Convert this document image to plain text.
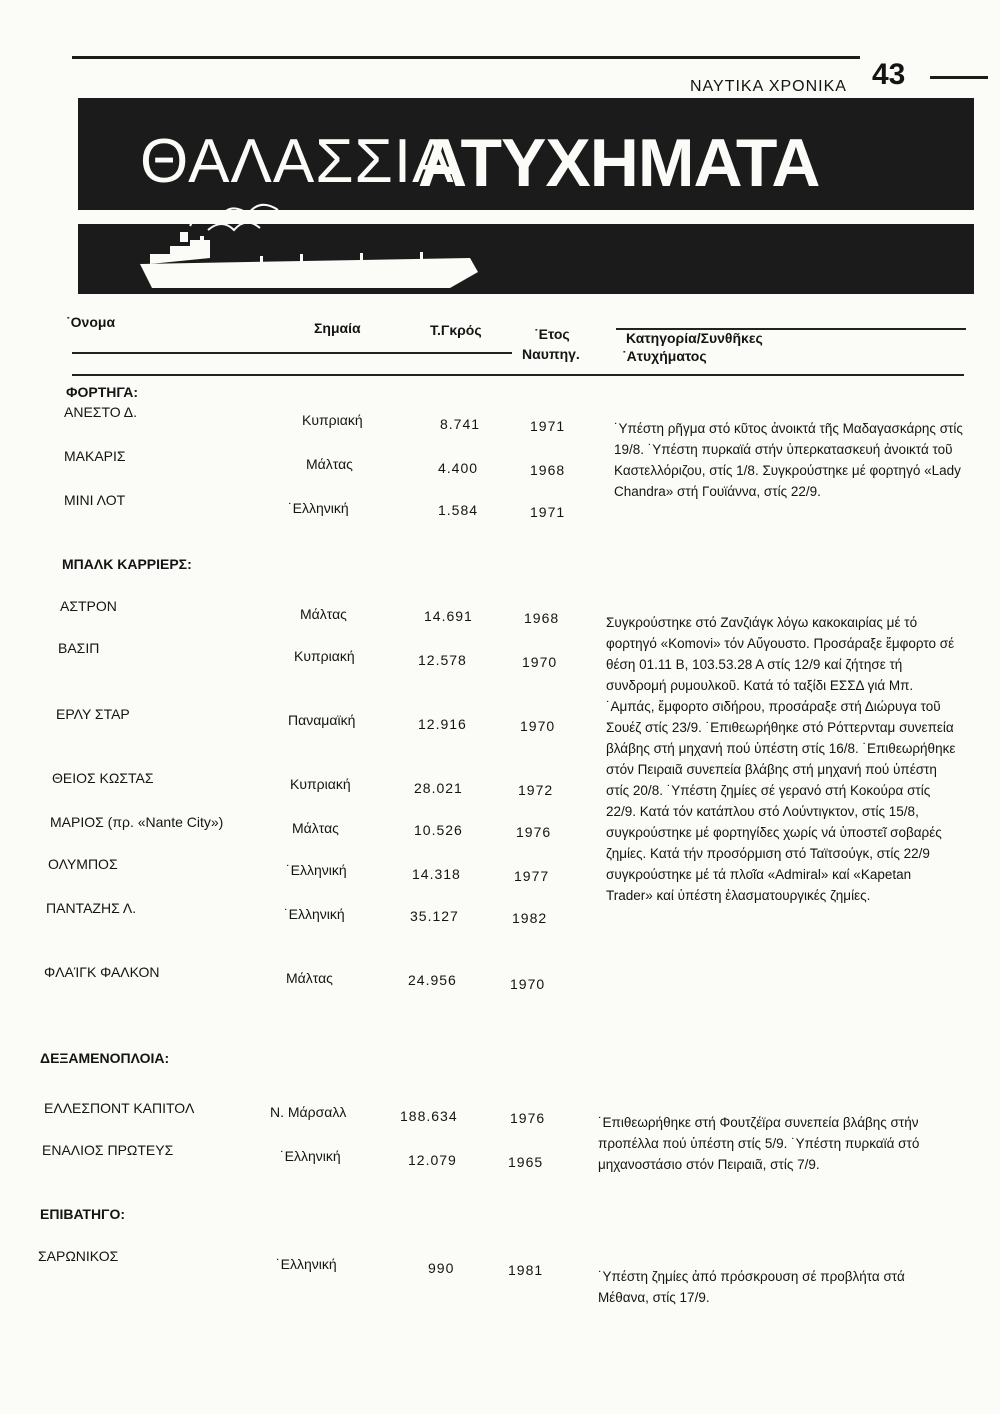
ΝΑΥΤΙΚΑ ΧΡΟΝΙΚΑ 43
ΘΑΛΑΣΣΙΑ
ΑΤΥΧΗΜΑΤΑ
˙Ονομα	Σημαία	Τ.Γκρός	˙Ετος
Ναυπηγ.
Κατηγορία/Συνθῆκες
˙Ατυχήματος
ΦΟΡΤΗΓΑ:
ΑΝΕΣΤΟ Δ.	Κυπριακή	8.741	1971
ΜΑΚΑΡΙΣ	Μάλτας	4.400	1968
ΜΙΝΙ ΛΟΤ	˙Ελληνική	1.584	1971
˙Υπέστη ρῆγμα στό κῦτος ἀνοικτά τῆς Μαδαγασκάρης στίς 19/8. ˙Υπέστη πυρκαϊά στήν ὑπερκατασκευή ἀνοικτά τοῦ Καστελλόριζου, στίς 1/8. Συγκρούστηκε μέ φορτηγό «Lady Chandra» στή Γουϊάννα, στίς 22/9.
ΜΠΑΛΚ ΚΑΡΡΙΕΡΣ:
ΑΣΤΡΟΝ	Μάλτας	14.691	1968
ΒΑΣΙΠ	Κυπριακή	12.578	1970
ΕΡΛΥ ΣΤΑΡ	Παναμαϊκή	12.916	1970
ΘΕΙΟΣ ΚΩΣΤΑΣ	Κυπριακή	28.021	1972
ΜΑΡΙΟΣ (πρ. «Nante City»)	Μάλτας	10.526	1976
ΟΛΥΜΠΟΣ	˙Ελληνική	14.318	1977
ΠΑΝΤΑΖΗΣ Λ.	˙Ελληνική	35.127	1982
ΦΛΑΊΓΚ ΦΑΛΚΟΝ	Μάλτας	24.956	1970
Συγκρούστηκε στό Ζανζιάγκ λόγω κακοκαιρίας μέ τό φορτηγό «Komovi» τόν Αὔγουστο. Προσάραξε ἔμφορτο σέ θέση 01.11 Β, 103.53.28 Α στίς 12/9 καί ζήτησε τή συνδρομή ρυμουλκοῦ. Κατά τό ταξίδι ΕΣΣΔ γιά Μπ. ˙Αμπάς, ἔμφορτο σιδήρου, προσάραξε στή Διώρυγα τοῦ Σουέζ στίς 23/9. ˙Επιθεωρήθηκε στό Ρόττερνταμ συνεπεία βλάβης στή μηχανή πού ὑπέστη στίς 16/8. ˙Επιθεωρήθηκε στόν Πειραιᾶ συνεπεία βλάβης στή μηχανή πού ὑπέστη στίς 20/8. ˙Υπέστη ζημίες σέ γερανό στή Κοκούρα στίς 22/9. Κατά τόν κατάπλου στό Λούντιγκτον, στίς 15/8, συγκρούστηκε μέ φορτηγίδες χωρίς νά ὑποστεῖ σοβαρές ζημίες. Κατά τήν προσόρμιση στό Ταϊτσούγκ, στίς 22/9 συγκρούστηκε μέ τά πλοῖα «Admiral» καί «Kapetan Trader» καί ὑπέστη ἐλασματουργικές ζημίες.
ΔΕΞΑΜΕΝΟΠΛΟΙΑ:
ΕΛΛΕΣΠΟΝΤ ΚΑΠΙΤΟΛ	Ν. Μάρσαλλ	188.634	1976
ΕΝΑΛΙΟΣ ΠΡΩΤΕΥΣ	˙Ελληνική	12.079	1965
˙Επιθεωρήθηκε στή Φουτζέϊρα συνεπεία βλάβης στήν προπέλλα πού ὑπέστη στίς 5/9. ˙Υπέστη πυρκαϊά στό μηχανοστάσιο στόν Πειραιᾶ, στίς 7/9.
ΕΠΙΒΑΤΗΓΟ:
ΣΑΡΩΝΙΚΟΣ	˙Ελληνική	990	1981	˙Υπέστη ζημίες ἀπό πρόσκρουση σέ προβλήτα στά Μέθανα, στίς 17/9.
